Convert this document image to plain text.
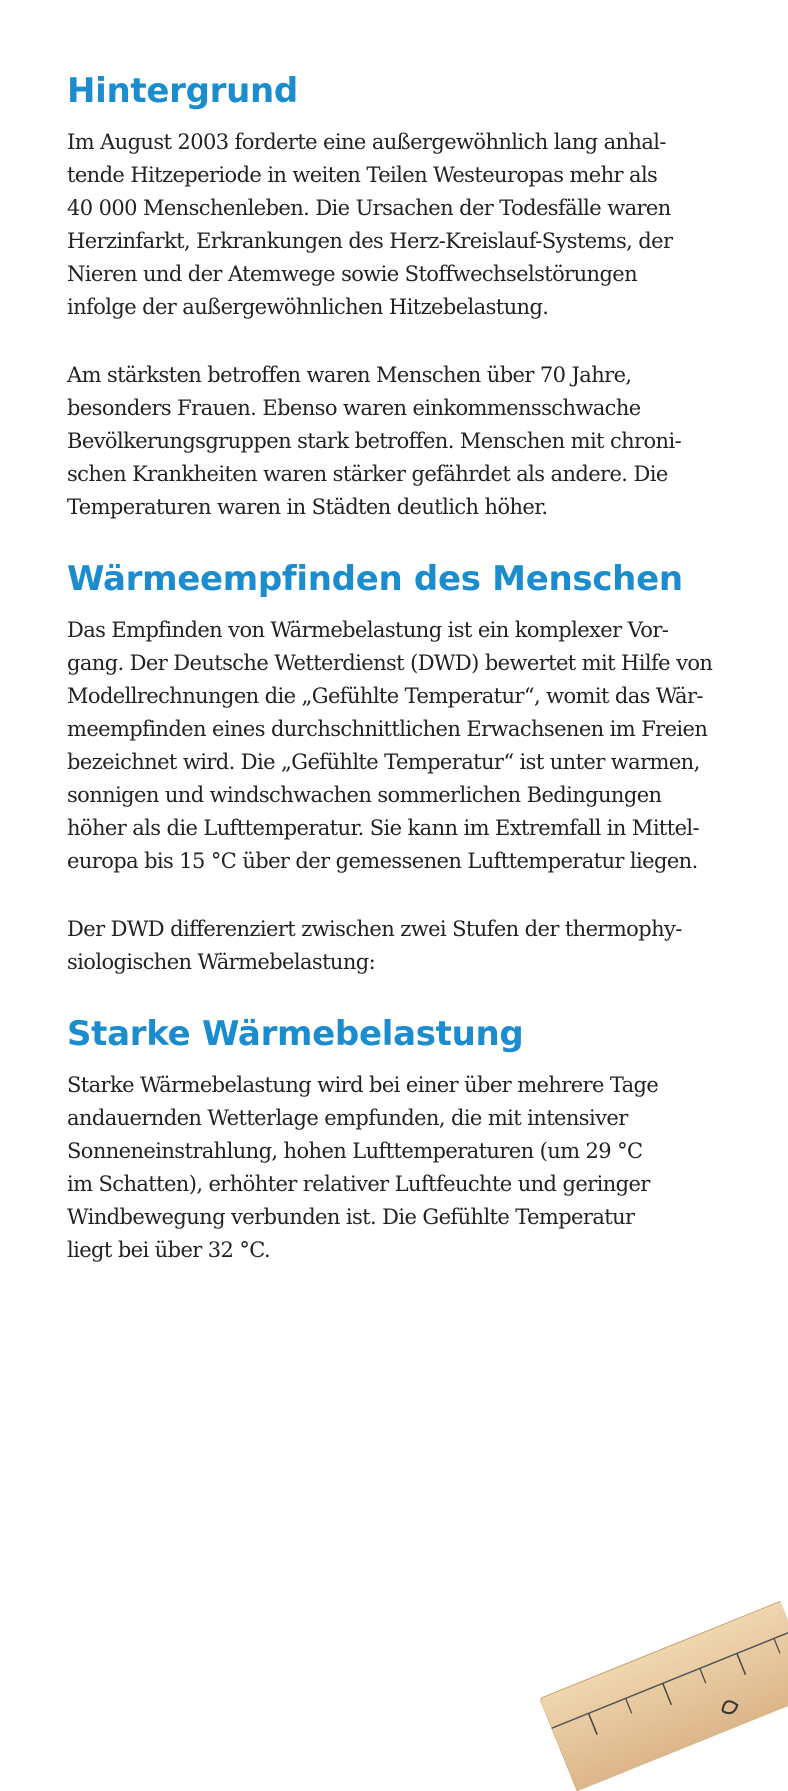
Hintergrund

Im August 2003 forderte eine außergewöhnlich lang anhal-
tende Hitzeperiode in weiten Teilen Westeuropas mehr als
40 000 Menschenleben. Die Ursachen der Todesfälle waren
Herzinfarkt, Erkrankungen des Herz-Kreislauf-Systems, der
Nieren und der Atemwege sowie Stoffwechselstörungen
infolge der außergewöhnlichen Hitzebelastung.

Am stärksten betroffen waren Menschen über 70 Jahre,
besonders Frauen. Ebenso waren einkommensschwache
Bevölkerungsgruppen stark betroffen. Menschen mit chroni-
schen Krankheiten waren stärker gefährdet als andere. Die
Temperaturen waren in Städten deutlich höher.

Wärmeempfinden des Menschen

Das Empfinden von Wärmebelastung ist ein komplexer Vor-
gang. Der Deutsche Wetterdienst (DWD) bewertet mit Hilfe von
Modellrechnungen die „Gefühlte Temperatur“, womit das Wär-
meempfinden eines durchschnittlichen Erwachsenen im Freien
bezeichnet wird. Die „Gefühlte Temperatur“ ist unter warmen,
sonnigen und windschwachen sommerlichen Bedingungen
höher als die Lufttemperatur. Sie kann im Extremfall in Mittel-
europa bis 15 °C über der gemessenen Lufttemperatur liegen.

Der DWD differenziert zwischen zwei Stufen der thermophy-
siologischen Wärmebelastung:

Starke Wärmebelastung

Starke Wärmebelastung wird bei einer über mehrere Tage
andauernden Wetterlage empfunden, die mit intensiver
Sonneneinstrahlung, hohen Lufttemperaturen (um 29 °C
im Schatten), erhöhter relativer Luftfeuchte und geringer
Windbewegung verbunden ist. Die Gefühlte Temperatur
liegt bei über 32 °C.
